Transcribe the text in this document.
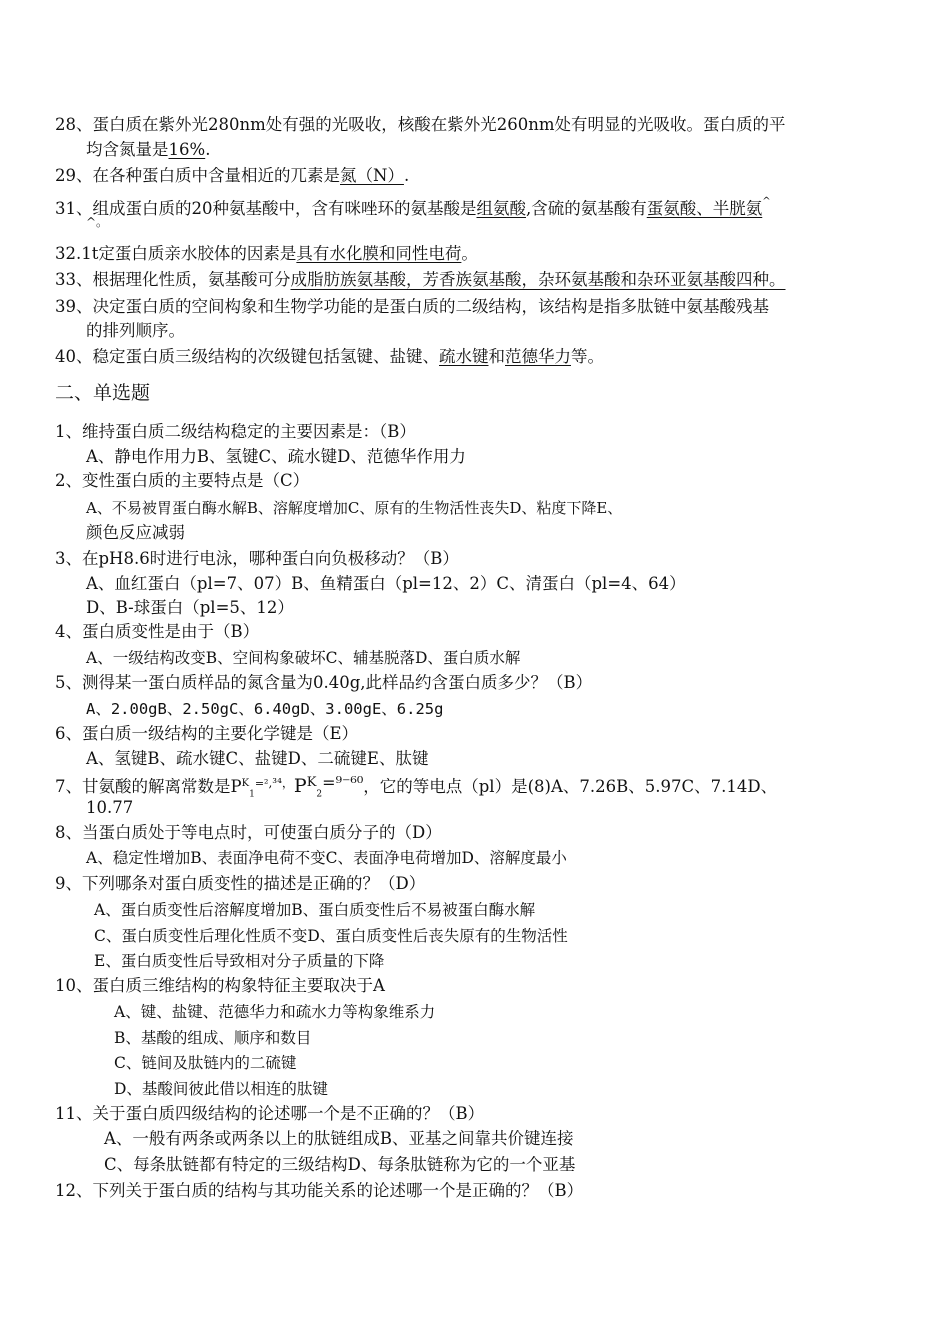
28、蛋白质在紫外光280nm处有强的光吸收，核酸在紫外光260nm处有明显的光吸收。蛋白质的平
均含氮量是16%.
29、在各种蛋白质中含量相近的兀素是氮（N）.
31、组成蛋白质的20种氨基酸中，含有咪唑环的氨基酸是组氨酸,含硫的氨基酸有蛋氨酸、半胱氨^
^。
32.1t定蛋白质亲水胶体的因素是具有水化膜和同性电荷。
33、根据理化性质，氨基酸可分成脂肪族氨基酸，芳香族氨基酸，杂环氨基酸和杂环亚氨基酸四种。
39、决定蛋白质的空间构象和生物学功能的是蛋白质的二级结构，该结构是指多肽链中氨基酸残基
的排列顺序。
40、稳定蛋白质三级结构的次级键包括氢键、盐键、疏水键和范德华力等。
二、单选题
1、维持蛋白质二级结构稳定的主要因素是：（B）
A、静电作用力B、氢键C、疏水键D、范德华作用力
2、变性蛋白质的主要特点是（C）
A、不易被胃蛋白酶水解B、溶解度增加C、原有的生物活性丧失D、粘度下降E、
颜色反应减弱
3、在pH8.6时进行电泳，哪种蛋白向负极移动？（B）
A、血红蛋白（pl=7、07）B、鱼精蛋白（pl=12、2）C、清蛋白（pl=4、64）
D、B-球蛋白（pl=5、12）
4、蛋白质变性是由于（B）
A、一级结构改变B、空间构象破坏C、辅基脱落D、蛋白质水解
5、测得某一蛋白质样品的氮含量为0.40g,此样品约含蛋白质多少？（B）
A、2.00gB、2.50gC、6.40gD、3.00gE、6.25g
6、蛋白质一级结构的主要化学键是（E）
A、氢键B、疏水键C、盐键D、二硫键E、肽键
7、甘氨酸的解离常数是$P^K_1^{=^2,^{34},}P^K_2=^{9-60}$，它的等电点（pl）是(8)A、7.26B、5.97C、7.14D、
10.77
8、当蛋白质处于等电点时，可使蛋白质分子的（D）
A、稳定性增加B、表面净电荷不变C、表面净电荷增加D、溶解度最小
9、下列哪条对蛋白质变性的描述是正确的？（D）
A、蛋白质变性后溶解度增加B、蛋白质变性后不易被蛋白酶水解
C、蛋白质变性后理化性质不变D、蛋白质变性后丧失原有的生物活性
E、蛋白质变性后导致相对分子质量的下降
10、蛋白质三维结构的构象特征主要取决于A
A、键、盐键、范德华力和疏水力等构象维系力
B、基酸的组成、顺序和数目
C、链间及肽链内的二硫键
D、基酸间彼此借以相连的肽键
11、关于蛋白质四级结构的论述哪一个是不正确的？（B）
A、一般有两条或两条以上的肽链组成B、亚基之间靠共价键连接
C、每条肽链都有特定的三级结构D、每条肽链称为它的一个亚基
12、下列关于蛋白质的结构与其功能关系的论述哪一个是正确的？（B）
